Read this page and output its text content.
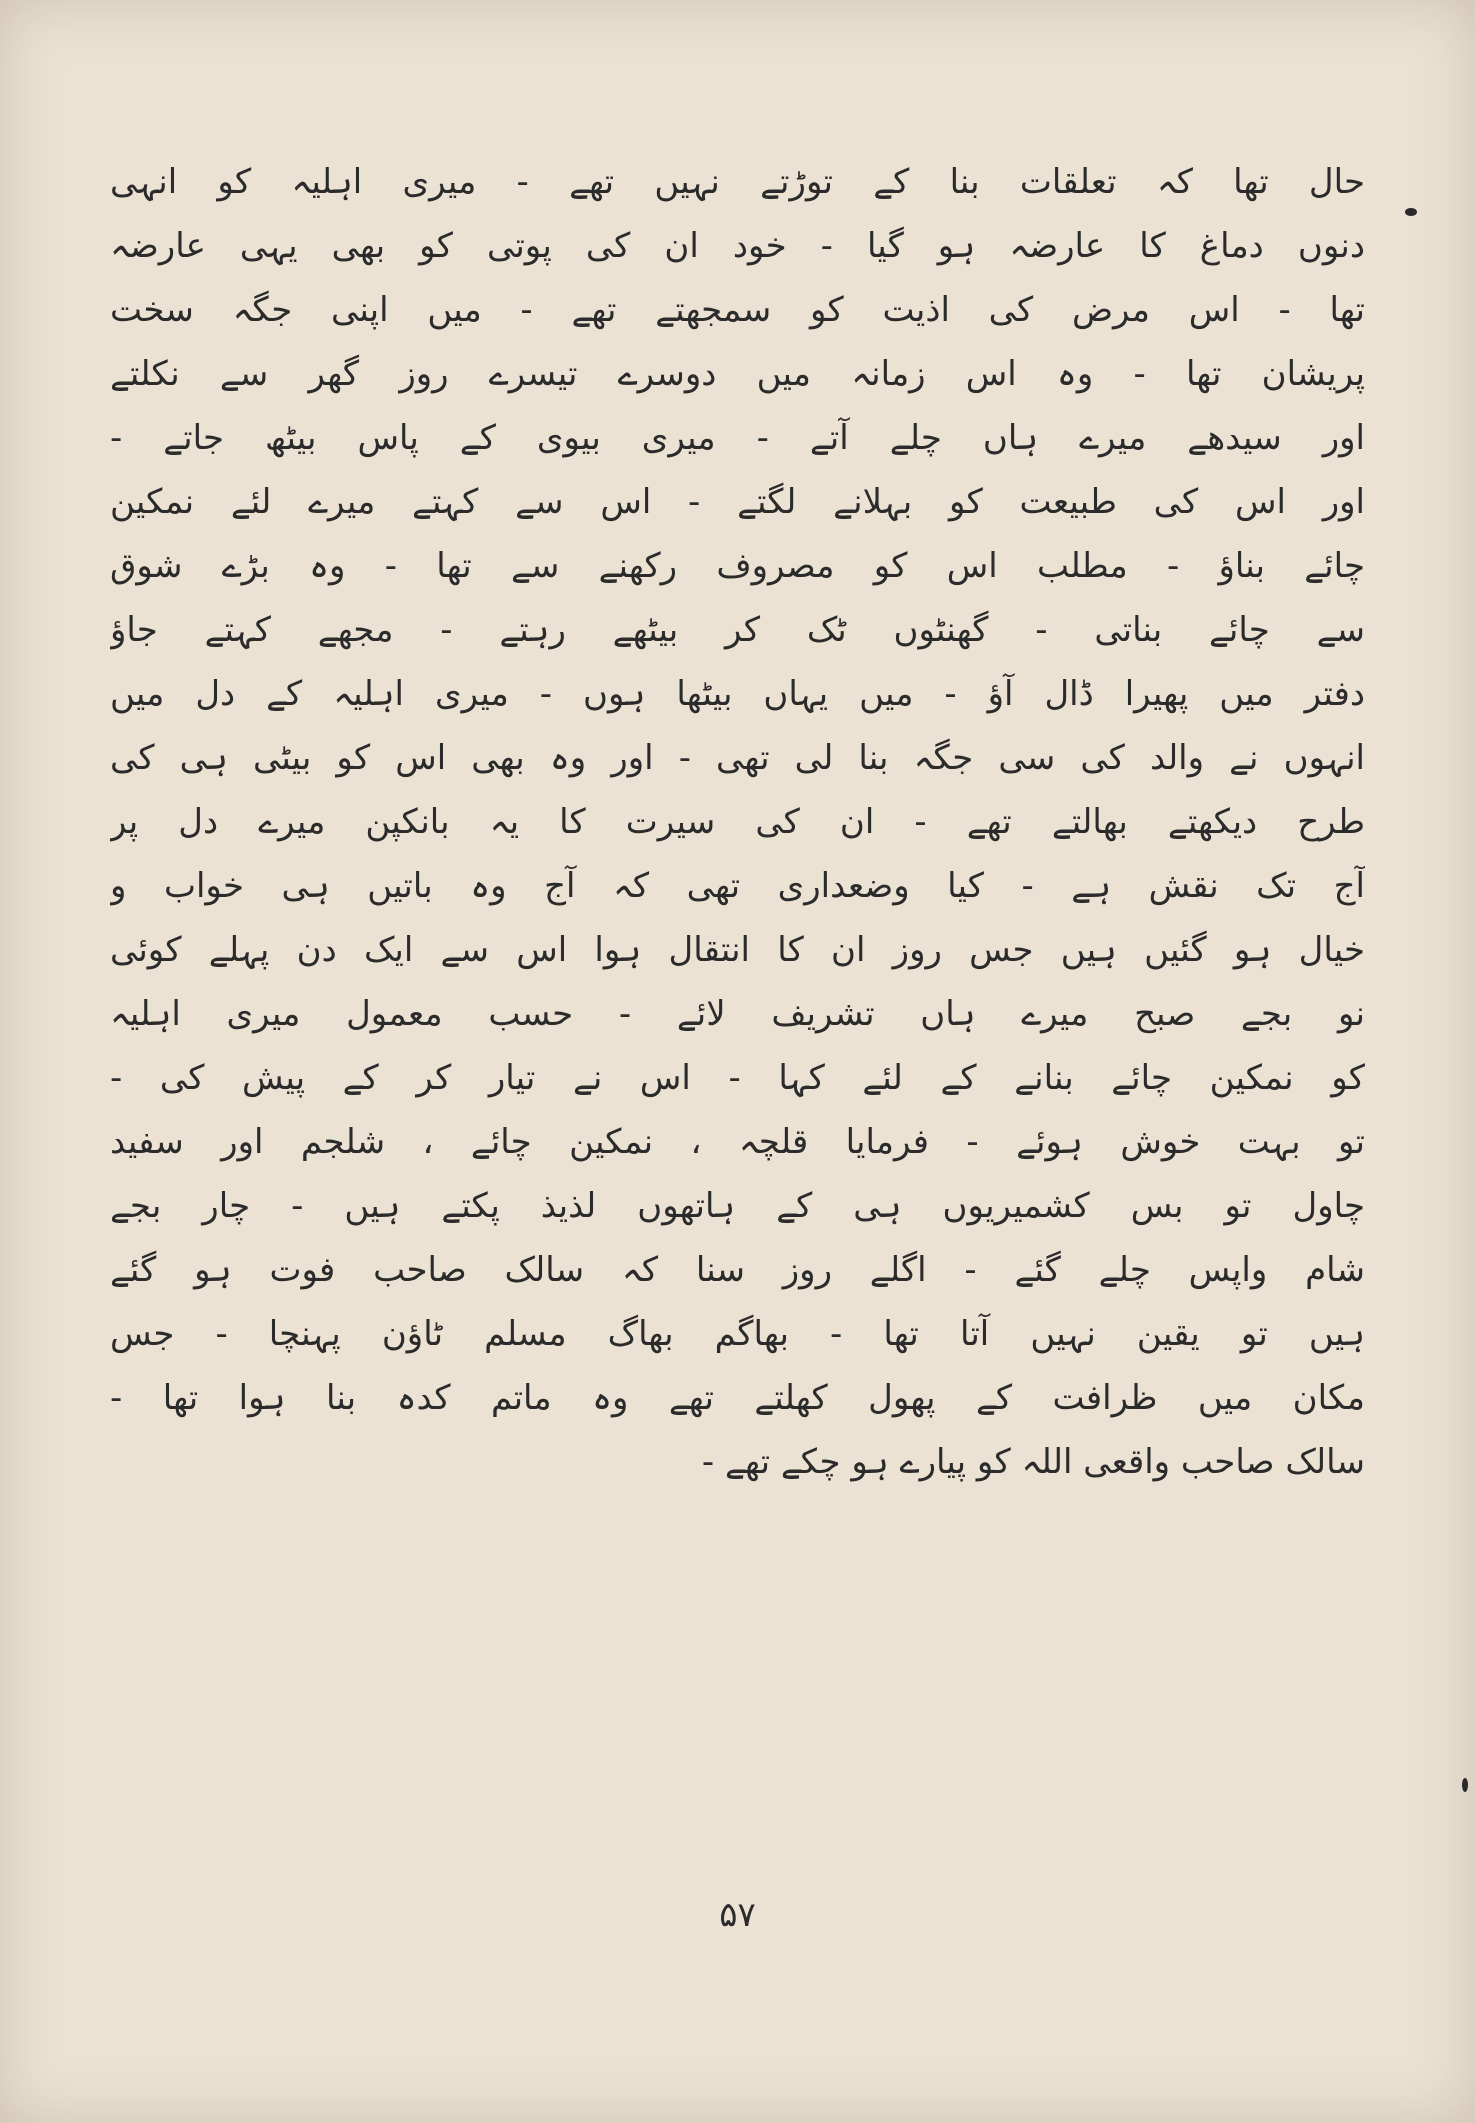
حال تھا کہ تعلقات بنا کے توڑتے نہیں تھے - میری اہلیہ کو انہی
دنوں دماغ کا عارضہ ہو گیا - خود ان کی پوتی کو بھی یہی عارضہ
تھا - اس مرض کی اذیت کو سمجھتے تھے - میں اپنی جگہ سخت
پریشان تھا - وہ اس زمانہ میں دوسرے تیسرے روز گھر سے نکلتے
اور سیدھے میرے ہاں چلے آتے - میری بیوی کے پاس بیٹھ جاتے -
اور اس کی طبیعت کو بہلانے لگتے - اس سے کہتے میرے لئے نمکین
چائے بناؤ - مطلب اس کو مصروف رکھنے سے تھا - وہ بڑے شوق
سے چائے بناتی - گھنٹوں ٹک کر بیٹھے رہتے - مجھے کہتے جاؤ
دفتر میں پھیرا ڈال آؤ - میں یہاں بیٹھا ہوں - میری اہلیہ کے دل میں
انہوں نے والد کی سی جگہ بنا لی تھی - اور وہ بھی اس کو بیٹی ہی کی
طرح دیکھتے بھالتے تھے - ان کی سیرت کا یہ بانکپن میرے دل پر
آج تک نقش ہے - کیا وضعداری تھی کہ آج وہ باتیں ہی خواب و
خیال ہو گئیں ہیں جس روز ان کا انتقال ہوا اس سے ایک دن پہلے کوئی
نو بجے صبح میرے ہاں تشریف لائے - حسب معمول میری اہلیہ
کو نمکین چائے بنانے کے لئے کہا - اس نے تیار کر کے پیش کی -
تو بہت خوش ہوئے - فرمایا قلچہ ، نمکین چائے ، شلجم اور سفید
چاول تو بس کشمیریوں ہی کے ہاتھوں لذیذ پکتے ہیں - چار بجے
شام واپس چلے گئے - اگلے روز سنا کہ سالک صاحب فوت ہو گئے
ہیں تو یقین نہیں آتا تھا - بھاگم بھاگ مسلم ٹاؤن پہنچا - جس
مکان میں ظرافت کے پھول کھلتے تھے وہ ماتم کدہ بنا ہوا تھا -
سالک صاحب واقعی اللہ کو پیارے ہو چکے تھے -
۵۷
